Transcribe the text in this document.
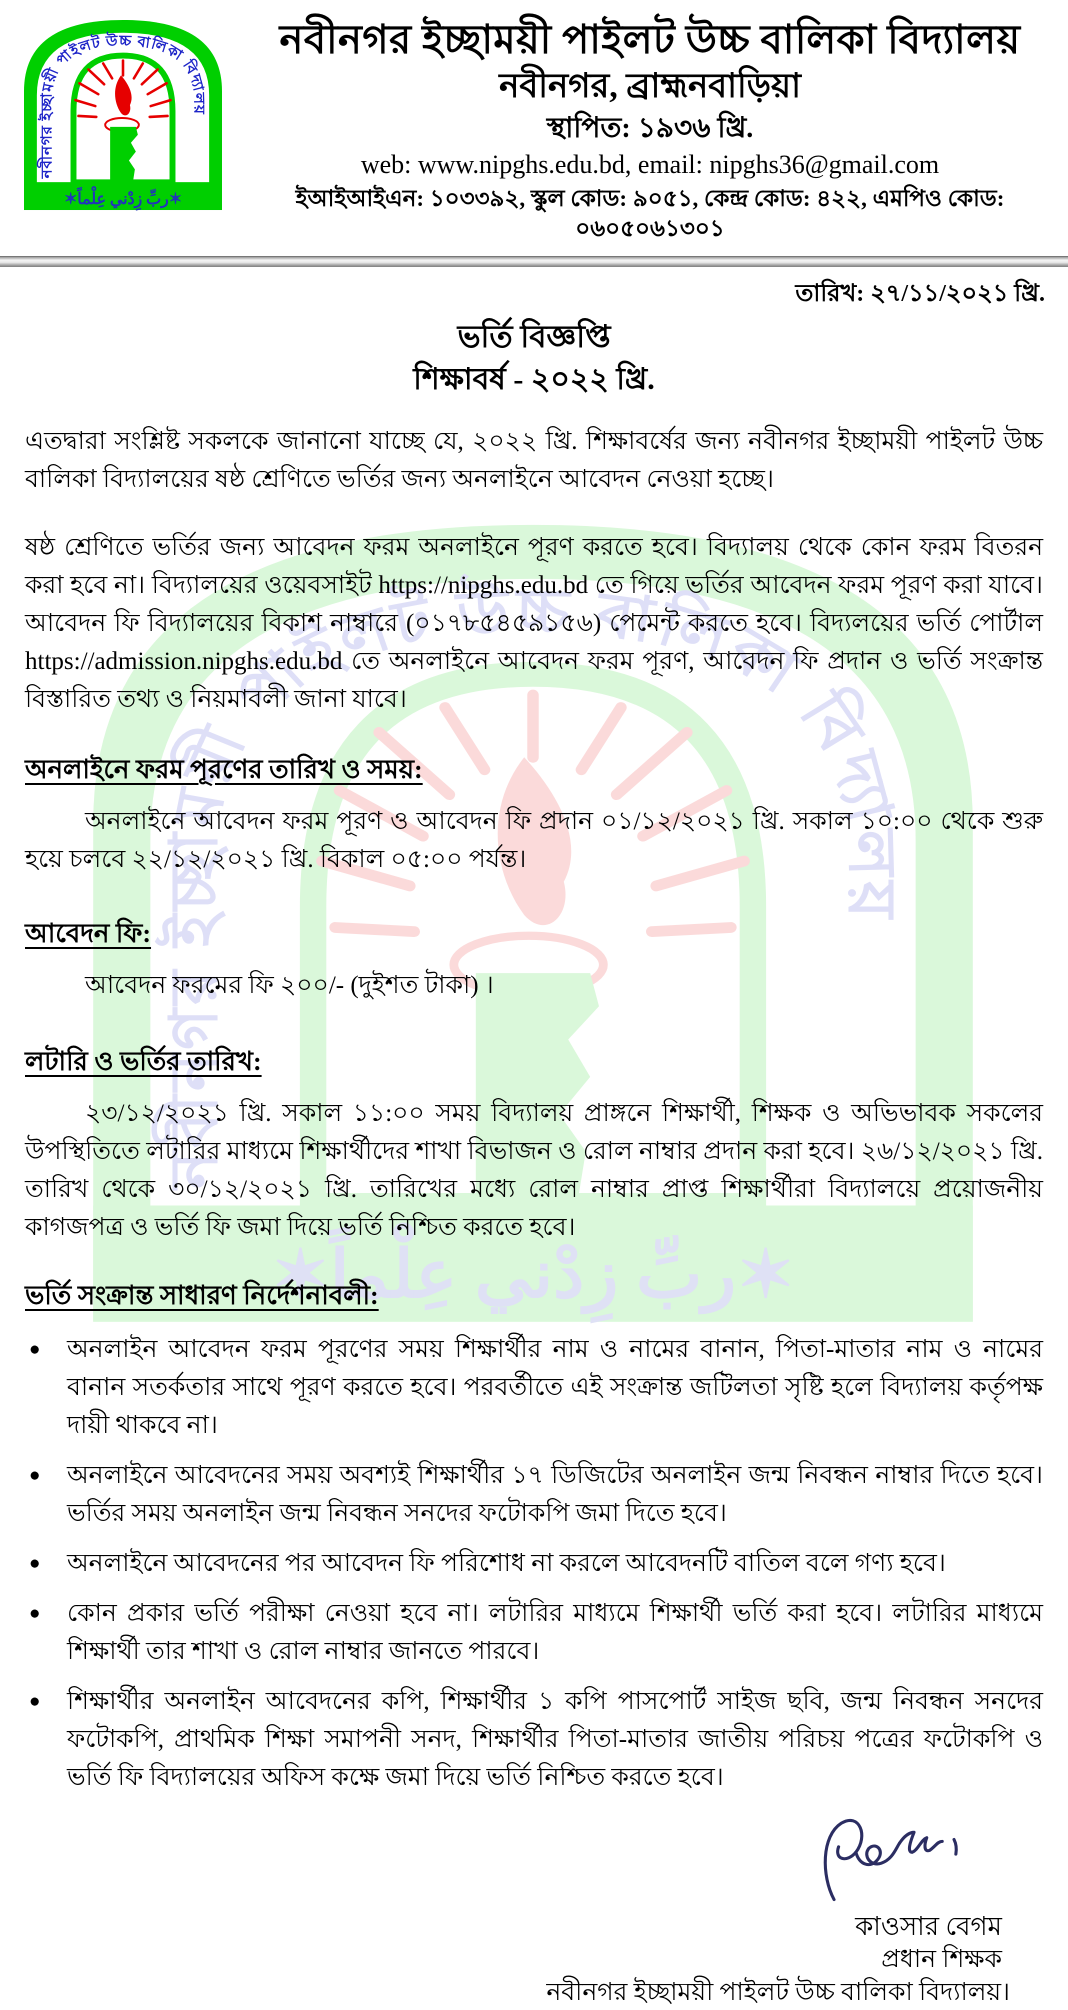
নবীনগর ইচ্ছাময়ী পাইলট উচ্চ বালিকা বিদ্যালয়
নবীনগর, ব্রাহ্মনবাড়িয়া
স্থাপিত: ১৯৩৬ খ্রি.
web: www.nipghs.edu.bd, email: nipghs36@gmail.com
ইআইআইএন: ১০৩৩৯২, স্কুল কোড: ৯০৫১, কেন্দ্র কোড: ৪২২, এমপিও কোড: ০৬০৫০৬১৩০১
তারিখ: ২৭/১১/২০২১ খ্রি.
ভর্তি বিজ্ঞপ্তি
শিক্ষাবর্ষ - ২০২২ খ্রি.

এতদ্বারা সংশ্লিষ্ট সকলকে জানানো যাচ্ছে যে, ২০২২ খ্রি. শিক্ষাবর্ষের জন্য নবীনগর ইচ্ছাময়ী পাইলট উচ্চ বালিকা বিদ্যালয়ের ষষ্ঠ শ্রেণিতে ভর্তির জন্য অনলাইনে আবেদন নেওয়া হচ্ছে।

ষষ্ঠ শ্রেণিতে ভর্তির জন্য আবেদন ফরম অনলাইনে পূরণ করতে হবে। বিদ্যালয় থেকে কোন ফরম বিতরন করা হবে না। বিদ্যালয়ের ওয়েবসাইট https://nipghs.edu.bd তে গিয়ে ভর্তির আবেদন ফরম পূরণ করা যাবে। আবেদন ফি বিদ্যালয়ের বিকাশ নাম্বারে (০১৭৮৫৪৫৯১৫৬) পেমেন্ট করতে হবে। বিদ্যলয়ের ভর্তি পোর্টাল https://admission.nipghs.edu.bd তে অনলাইনে আবেদন ফরম পূরণ, আবেদন ফি প্রদান ও ভর্তি সংক্রান্ত বিস্তারিত তথ্য ও নিয়মাবলী জানা যাবে।

অনলাইনে ফরম পূরণের তারিখ ও সময়:

অনলাইনে আবেদন ফরম পূরণ ও আবেদন ফি প্রদান ০১/১২/২০২১ খ্রি. সকাল ১০:০০ থেকে শুরু হয়ে চলবে ২২/১২/২০২১ খ্রি. বিকাল ০৫:০০ পর্যন্ত।

আবেদন ফি:

আবেদন ফরমের ফি ২০০/- (দুইশত টাকা) ।

লটারি ও ভর্তির তারিখ:

২৩/১২/২০২১ খ্রি. সকাল ১১:০০ সময় বিদ্যালয় প্রাঙ্গনে শিক্ষার্থী, শিক্ষক ও অভিভাবক সকলের উপস্থিতিতে লটারির মাধ্যমে শিক্ষার্থীদের শাখা বিভাজন ও রোল নাম্বার প্রদান করা হবে। ২৬/১২/২০২১ খ্রি. তারিখ থেকে ৩০/১২/২০২১ খ্রি. তারিখের মধ্যে রোল নাম্বার প্রাপ্ত শিক্ষার্থীরা বিদ্যালয়ে প্রয়োজনীয় কাগজপত্র ও ভর্তি ফি জমা দিয়ে ভর্তি নিশ্চিত করতে হবে।

ভর্তি সংক্রান্ত সাধারণ নির্দেশনাবলী:
● অনলাইন আবেদন ফরম পূরণের সময় শিক্ষার্থীর নাম ও নামের বানান, পিতা-মাতার নাম ও নামের বানান সতর্কতার সাথে পূরণ করতে হবে। পরবর্তীতে এই সংক্রান্ত জটিলতা সৃষ্টি হলে বিদ্যালয় কর্তৃপক্ষ দায়ী থাকবে না।
● অনলাইনে আবেদনের সময় অবশ্যই শিক্ষার্থীর ১৭ ডিজিটের অনলাইন জন্ম নিবন্ধন নাম্বার দিতে হবে। ভর্তির সময় অনলাইন জন্ম নিবন্ধন সনদের ফটোকপি জমা দিতে হবে।
● অনলাইনে আবেদনের পর আবেদন ফি পরিশোধ না করলে আবেদনটি বাতিল বলে গণ্য হবে।
● কোন প্রকার ভর্তি পরীক্ষা নেওয়া হবে না। লটারির মাধ্যমে শিক্ষার্থী ভর্তি করা হবে। লটারির মাধ্যমে শিক্ষার্থী তার শাখা ও রোল নাম্বার জানতে পারবে।
● শিক্ষার্থীর অনলাইন আবেদনের কপি, শিক্ষার্থীর ১ কপি পাসপোর্ট সাইজ ছবি, জন্ম নিবন্ধন সনদের ফটোকপি, প্রাথমিক শিক্ষা সমাপনী সনদ, শিক্ষার্থীর পিতা-মাতার জাতীয় পরিচয় পত্রের ফটোকপি ও ভর্তি ফি বিদ্যালয়ের অফিস কক্ষে জমা দিয়ে ভর্তি নিশ্চিত করতে হবে।
কাওসার বেগম
প্রধান শিক্ষক
নবীনগর ইচ্ছাময়ী পাইলট উচ্চ বালিকা বিদ্যালয়।
